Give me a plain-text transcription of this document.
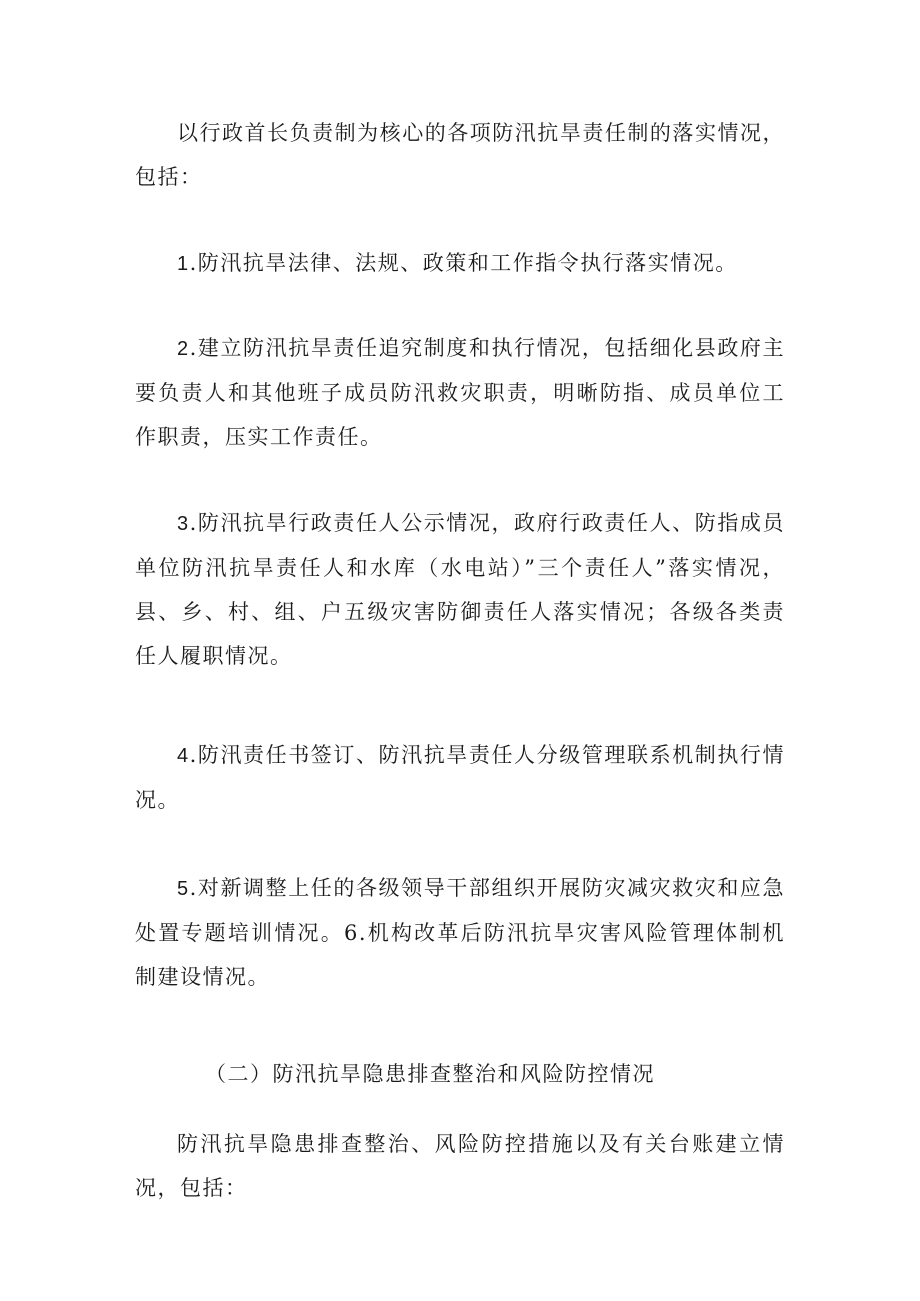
以行政首长负责制为核心的各项防汛抗旱责任制的落实情况，包括：

1.防汛抗旱法律、法规、政策和工作指令执行落实情况。

2.建立防汛抗旱责任追究制度和执行情况，包括细化县政府主要负责人和其他班子成员防汛救灾职责，明晰防指、成员单位工作职责，压实工作责任。

3.防汛抗旱行政责任人公示情况，政府行政责任人、防指成员单位防汛抗旱责任人和水库（水电站）”三个责任人”落实情况，县、乡、村、组、户五级灾害防御责任人落实情况；各级各类责任人履职情况。

4.防汛责任书签订、防汛抗旱责任人分级管理联系机制执行情况。

5.对新调整上任的各级领导干部组织开展防灾减灾救灾和应急处置专题培训情况。6.机构改革后防汛抗旱灾害风险管理体制机制建设情况。

（二）防汛抗旱隐患排查整治和风险防控情况

防汛抗旱隐患排查整治、风险防控措施以及有关台账建立情况，包括：
